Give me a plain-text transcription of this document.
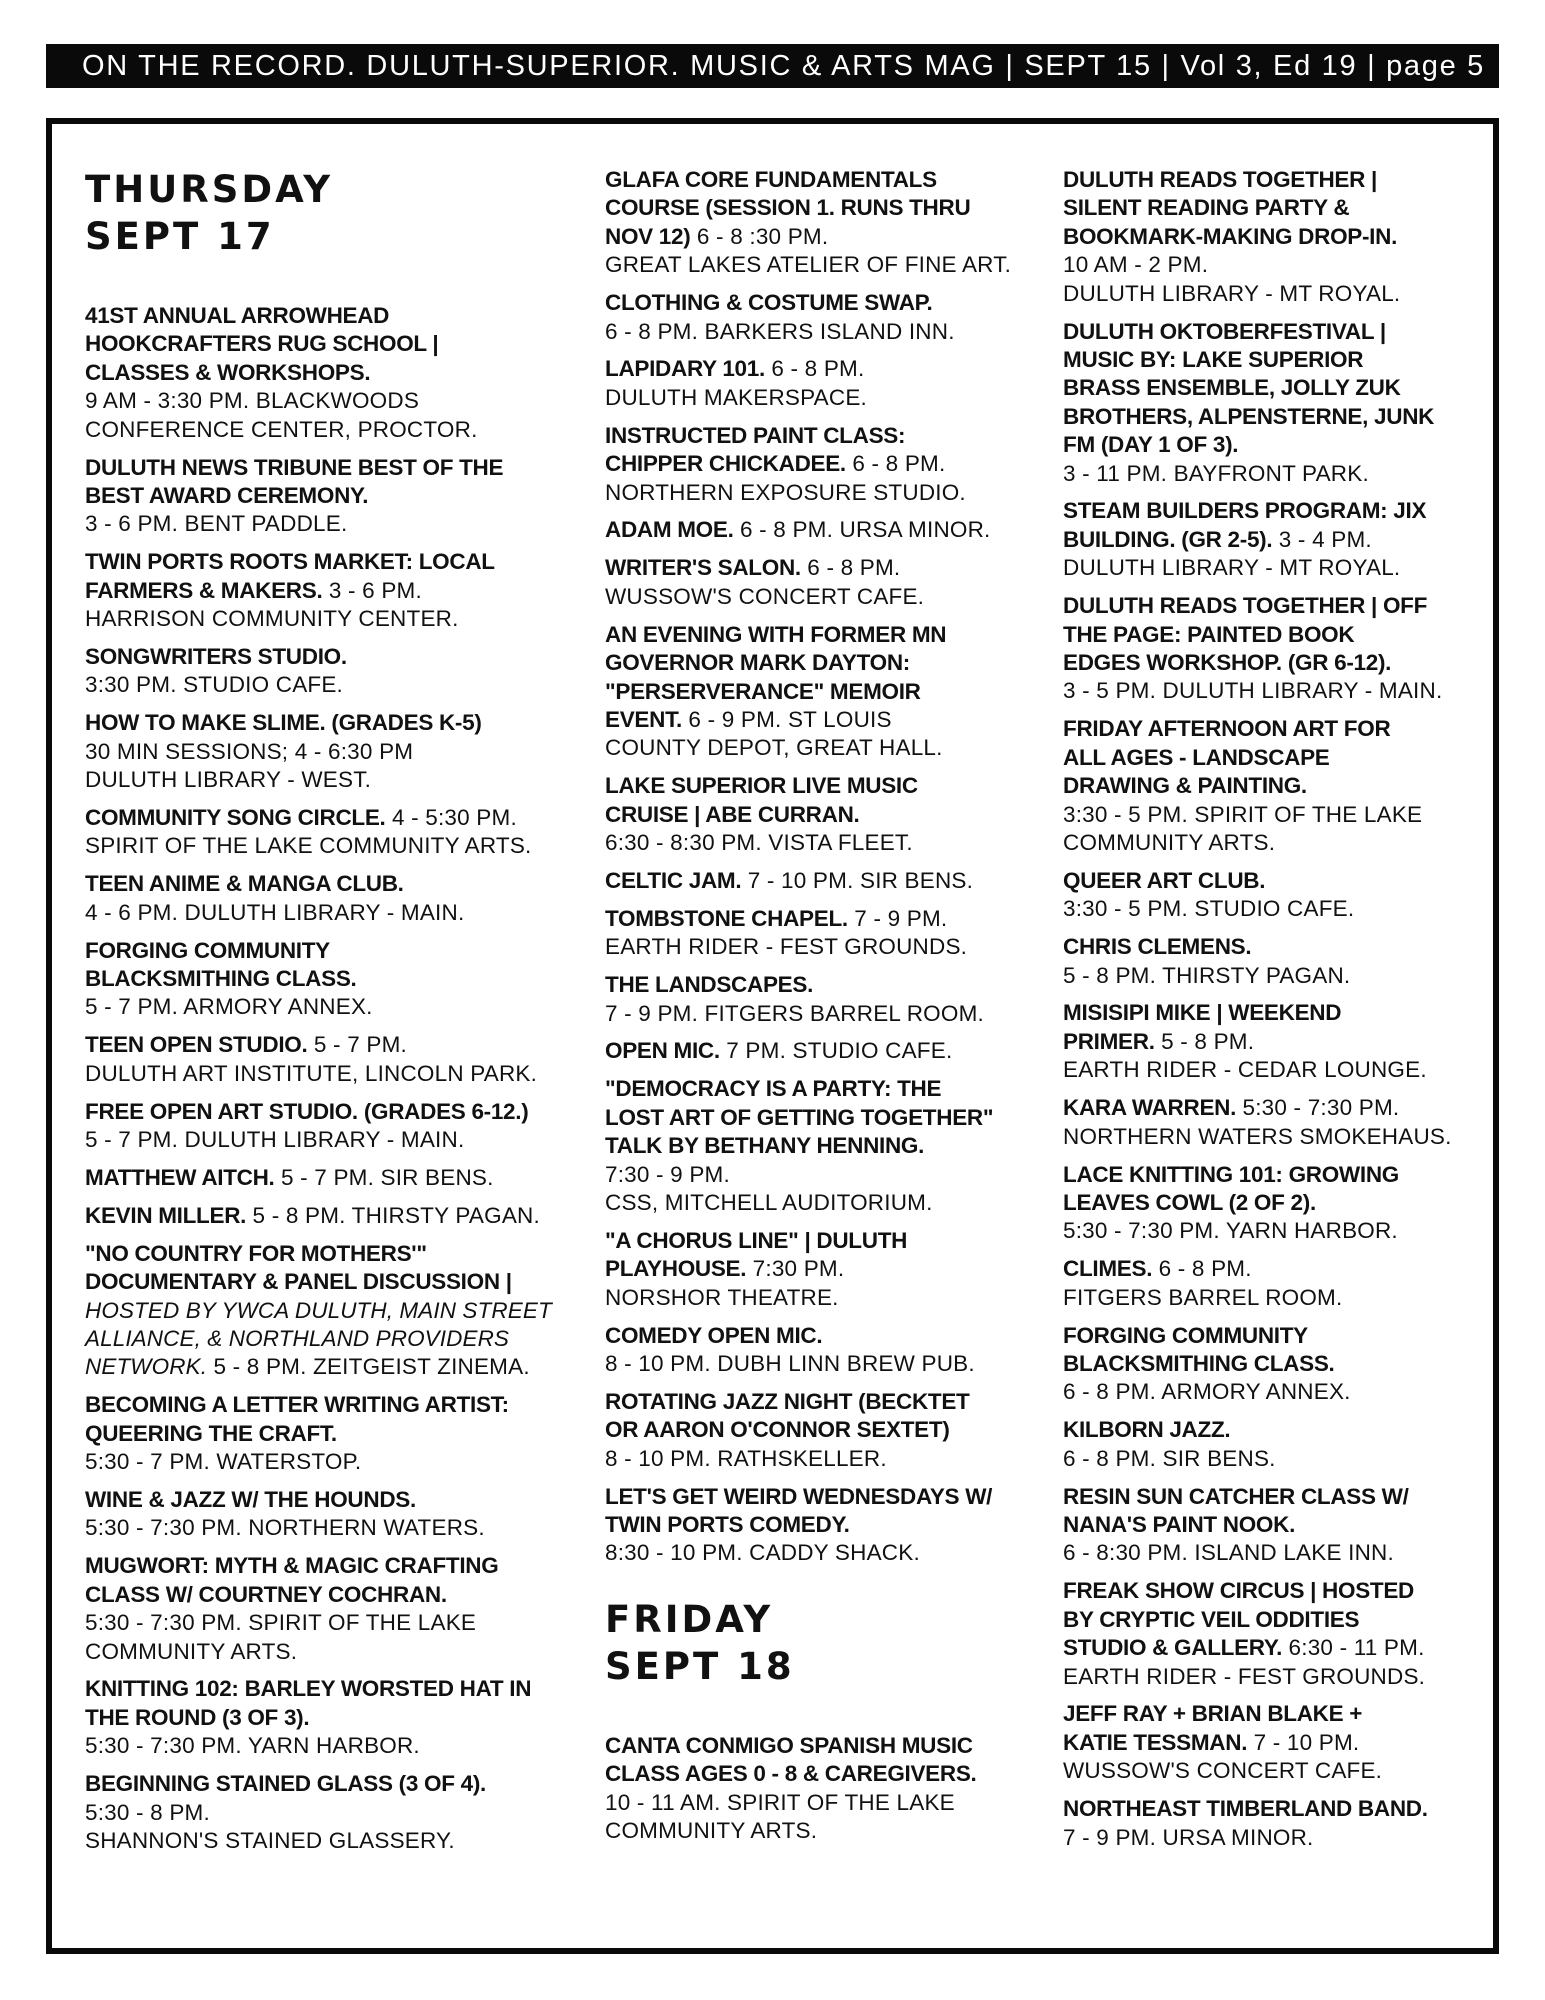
ON THE RECORD. DULUTH-SUPERIOR. MUSIC & ARTS MAG | SEPT 15 | Vol 3, Ed 19 | page 5
THURSDAY
SEPT 17
41ST ANNUAL ARROWHEAD
HOOKCRAFTERS RUG SCHOOL |
CLASSES & WORKSHOPS.
9 AM - 3:30 PM. BLACKWOODS
CONFERENCE CENTER, PROCTOR.
DULUTH NEWS TRIBUNE BEST OF THE
BEST AWARD CEREMONY.
3 - 6 PM. BENT PADDLE.
TWIN PORTS ROOTS MARKET: LOCAL
FARMERS & MAKERS. 3 - 6 PM.
HARRISON COMMUNITY CENTER.
SONGWRITERS STUDIO.
3:30 PM. STUDIO CAFE.
HOW TO MAKE SLIME. (GRADES K-5)
30 MIN SESSIONS; 4 - 6:30 PM
DULUTH LIBRARY - WEST.
COMMUNITY SONG CIRCLE. 4 - 5:30 PM.
SPIRIT OF THE LAKE COMMUNITY ARTS.
TEEN ANIME & MANGA CLUB.
4 - 6 PM. DULUTH LIBRARY - MAIN.
FORGING COMMUNITY
BLACKSMITHING CLASS.
5 - 7 PM. ARMORY ANNEX.
TEEN OPEN STUDIO. 5 - 7 PM.
DULUTH ART INSTITUTE, LINCOLN PARK.
FREE OPEN ART STUDIO. (GRADES 6-12.)
5 - 7 PM. DULUTH LIBRARY - MAIN.
MATTHEW AITCH. 5 - 7 PM. SIR BENS.
KEVIN MILLER. 5 - 8 PM. THIRSTY PAGAN.
"NO COUNTRY FOR MOTHERS'"
DOCUMENTARY & PANEL DISCUSSION |
HOSTED BY YWCA DULUTH, MAIN STREET
ALLIANCE, & NORTHLAND PROVIDERS
NETWORK. 5 - 8 PM. ZEITGEIST ZINEMA.
BECOMING A LETTER WRITING ARTIST:
QUEERING THE CRAFT.
5:30 - 7 PM. WATERSTOP.
WINE & JAZZ W/ THE HOUNDS.
5:30 - 7:30 PM. NORTHERN WATERS.
MUGWORT: MYTH & MAGIC CRAFTING
CLASS W/ COURTNEY COCHRAN.
5:30 - 7:30 PM. SPIRIT OF THE LAKE
COMMUNITY ARTS.
KNITTING 102: BARLEY WORSTED HAT IN
THE ROUND (3 OF 3).
5:30 - 7:30 PM. YARN HARBOR.
BEGINNING STAINED GLASS (3 OF 4).
5:30 - 8 PM.
SHANNON'S STAINED GLASSERY.
GLAFA CORE FUNDAMENTALS
COURSE (SESSION 1. RUNS THRU
NOV 12) 6 - 8 :30 PM.
GREAT LAKES ATELIER OF FINE ART.
CLOTHING & COSTUME SWAP.
6 - 8 PM. BARKERS ISLAND INN.
LAPIDARY 101. 6 - 8 PM.
DULUTH MAKERSPACE.
INSTRUCTED PAINT CLASS:
CHIPPER CHICKADEE. 6 - 8 PM.
NORTHERN EXPOSURE STUDIO.
ADAM MOE. 6 - 8 PM. URSA MINOR.
WRITER'S SALON. 6 - 8 PM.
WUSSOW'S CONCERT CAFE.
AN EVENING WITH FORMER MN
GOVERNOR MARK DAYTON:
"PERSERVERANCE" MEMOIR
EVENT. 6 - 9 PM. ST LOUIS
COUNTY DEPOT, GREAT HALL.
LAKE SUPERIOR LIVE MUSIC
CRUISE | ABE CURRAN.
6:30 - 8:30 PM. VISTA FLEET.
CELTIC JAM. 7 - 10 PM. SIR BENS.
TOMBSTONE CHAPEL. 7 - 9 PM.
EARTH RIDER - FEST GROUNDS.
THE LANDSCAPES.
7 - 9 PM. FITGERS BARREL ROOM.
OPEN MIC. 7 PM. STUDIO CAFE.
"DEMOCRACY IS A PARTY: THE
LOST ART OF GETTING TOGETHER"
TALK BY BETHANY HENNING.
7:30 - 9 PM.
CSS, MITCHELL AUDITORIUM.
"A CHORUS LINE" | DULUTH
PLAYHOUSE. 7:30 PM.
NORSHOR THEATRE.
COMEDY OPEN MIC.
8 - 10 PM. DUBH LINN BREW PUB.
ROTATING JAZZ NIGHT (BECKTET
OR AARON O'CONNOR SEXTET)
8 - 10 PM. RATHSKELLER.
LET'S GET WEIRD WEDNESDAYS W/
TWIN PORTS COMEDY.
8:30 - 10 PM. CADDY SHACK.
FRIDAY
SEPT 18
CANTA CONMIGO SPANISH MUSIC
CLASS AGES 0 - 8 & CAREGIVERS.
10 - 11 AM. SPIRIT OF THE LAKE
COMMUNITY ARTS.
DULUTH READS TOGETHER |
SILENT READING PARTY &
BOOKMARK-MAKING DROP-IN.
10 AM - 2 PM.
DULUTH LIBRARY - MT ROYAL.
DULUTH OKTOBERFESTIVAL |
MUSIC BY: LAKE SUPERIOR
BRASS ENSEMBLE, JOLLY ZUK
BROTHERS, ALPENSTERNE, JUNK
FM (DAY 1 OF 3).
3 - 11 PM. BAYFRONT PARK.
STEAM BUILDERS PROGRAM: JIX
BUILDING. (GR 2-5). 3 - 4 PM.
DULUTH LIBRARY - MT ROYAL.
DULUTH READS TOGETHER | OFF
THE PAGE: PAINTED BOOK
EDGES WORKSHOP. (GR 6-12).
3 - 5 PM. DULUTH LIBRARY - MAIN.
FRIDAY AFTERNOON ART FOR
ALL AGES - LANDSCAPE
DRAWING & PAINTING.
3:30 - 5 PM. SPIRIT OF THE LAKE
COMMUNITY ARTS.
QUEER ART CLUB.
3:30 - 5 PM. STUDIO CAFE.
CHRIS CLEMENS.
5 - 8 PM. THIRSTY PAGAN.
MISISIPI MIKE | WEEKEND
PRIMER. 5 - 8 PM.
EARTH RIDER - CEDAR LOUNGE.
KARA WARREN. 5:30 - 7:30 PM.
NORTHERN WATERS SMOKEHAUS.
LACE KNITTING 101: GROWING
LEAVES COWL (2 OF 2).
5:30 - 7:30 PM. YARN HARBOR.
CLIMES. 6 - 8 PM.
FITGERS BARREL ROOM.
FORGING COMMUNITY
BLACKSMITHING CLASS.
6 - 8 PM. ARMORY ANNEX.
KILBORN JAZZ.
6 - 8 PM. SIR BENS.
RESIN SUN CATCHER CLASS W/
NANA'S PAINT NOOK.
6 - 8:30 PM. ISLAND LAKE INN.
FREAK SHOW CIRCUS | HOSTED
BY CRYPTIC VEIL ODDITIES
STUDIO & GALLERY. 6:30 - 11 PM.
EARTH RIDER - FEST GROUNDS.
JEFF RAY + BRIAN BLAKE +
KATIE TESSMAN. 7 - 10 PM.
WUSSOW'S CONCERT CAFE.
NORTHEAST TIMBERLAND BAND.
7 - 9 PM. URSA MINOR.
